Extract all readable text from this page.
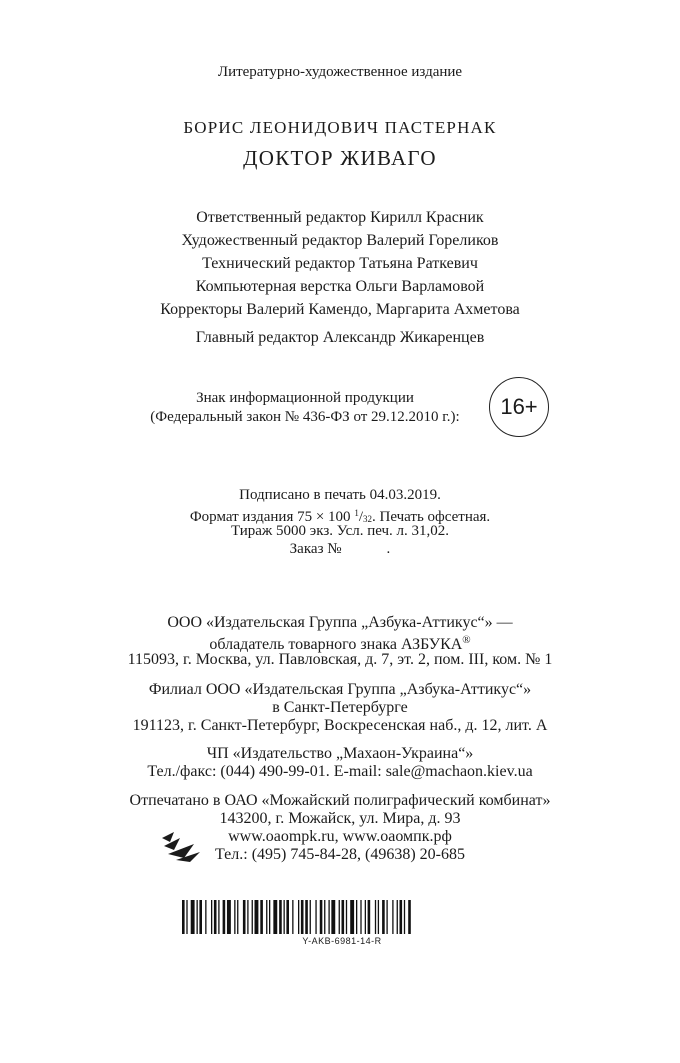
Литературно-художественное издание
БОРИС ЛЕОНИДОВИЧ ПАСТЕРНАК
ДОКТОР ЖИВАГО
Ответственный редактор Кирилл Красник
Художественный редактор Валерий Гореликов
Технический редактор Татьяна Раткевич
Компьютерная верстка Ольги Варламовой
Корректоры Валерий Камендо, Маргарита Ахметова
Главный редактор Александр Жикаренцев
Знак информационной продукции
(Федеральный закон № 436-ФЗ от 29.12.2010 г.):	16+
Подписано в печать 04.03.2019.
Формат издания 75 × 100 $^1/_{32}$. Печать офсетная.
Тираж 5000 экз. Усл. печ. л. 31,02.
Заказ №            .
ООО «Издательская Группа „Азбука-Аттикус“» —
обладатель товарного знака АЗБУКА®
115093, г. Москва, ул. Павловская, д. 7, эт. 2, пом. III, ком. № 1
Филиал ООО «Издательская Группа „Азбука-Аттикус“»
в Санкт-Петербурге
191123, г. Санкт-Петербург, Воскресенская наб., д. 12, лит. А
ЧП «Издательство „Махаон-Украина“»
Тел./факс: (044) 490-99-01. E-mail: sale@machaon.kiev.ua
Отпечатано в ОАО «Можайский полиграфический комбинат»
143200, г. Можайск, ул. Мира, д. 93
www.oaompk.ru, www.оаомпк.рф
Тел.: (495) 745-84-28, (49638) 20-685
Y-AKB-6981-14-R
